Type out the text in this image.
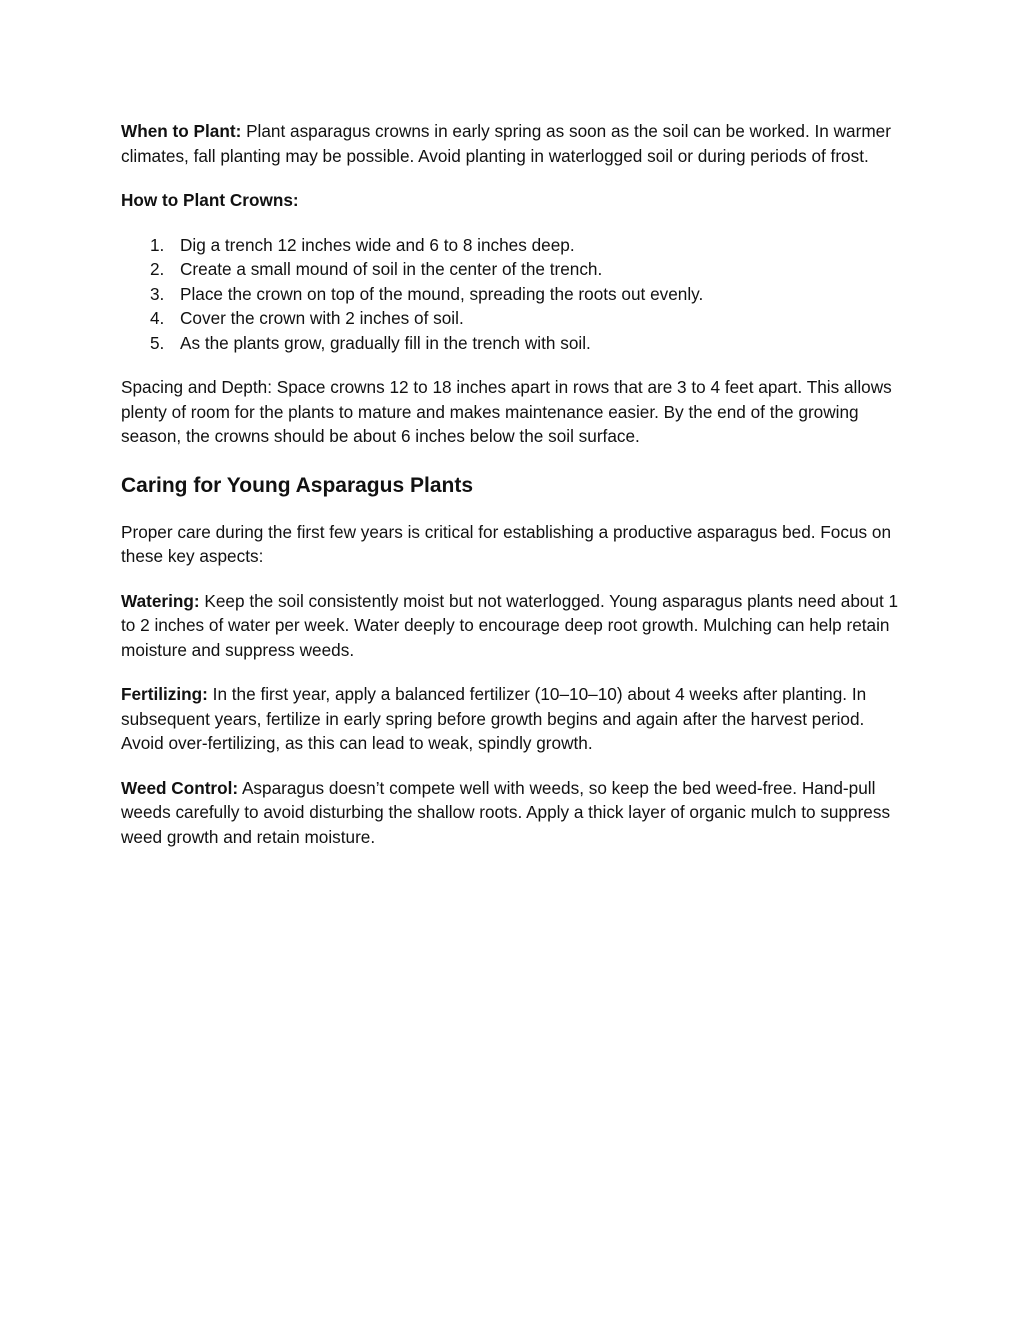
When to Plant: Plant asparagus crowns in early spring as soon as the soil can be worked. In warmer climates, fall planting may be possible. Avoid planting in waterlogged soil or during periods of frost.

How to Plant Crowns:

1. Dig a trench 12 inches wide and 6 to 8 inches deep.
2. Create a small mound of soil in the center of the trench.
3. Place the crown on top of the mound, spreading the roots out evenly.
4. Cover the crown with 2 inches of soil.
5. As the plants grow, gradually fill in the trench with soil.

Spacing and Depth: Space crowns 12 to 18 inches apart in rows that are 3 to 4 feet apart. This allows plenty of room for the plants to mature and makes maintenance easier. By the end of the growing season, the crowns should be about 6 inches below the soil surface.

Caring for Young Asparagus Plants

Proper care during the first few years is critical for establishing a productive asparagus bed. Focus on these key aspects:

Watering: Keep the soil consistently moist but not waterlogged. Young asparagus plants need about 1 to 2 inches of water per week. Water deeply to encourage deep root growth. Mulching can help retain moisture and suppress weeds.

Fertilizing: In the first year, apply a balanced fertilizer (10–10–10) about 4 weeks after planting. In subsequent years, fertilize in early spring before growth begins and again after the harvest period. Avoid over-fertilizing, as this can lead to weak, spindly growth.

Weed Control: Asparagus doesn’t compete well with weeds, so keep the bed weed-free. Hand-pull weeds carefully to avoid disturbing the shallow roots. Apply a thick layer of organic mulch to suppress weed growth and retain moisture.
